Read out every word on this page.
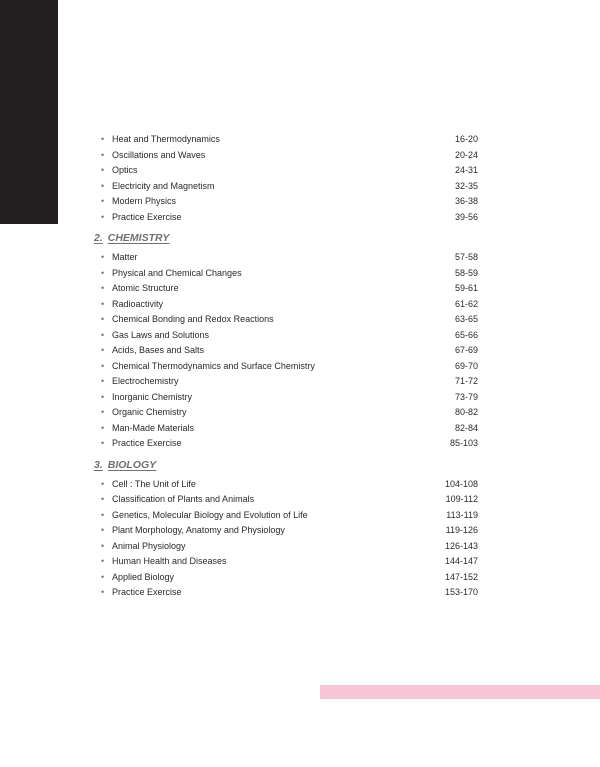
• Heat and Thermodynamics	16-20
• Oscillations and Waves	20-24
• Optics	24-31
• Electricity and Magnetism	32-35
• Modern Physics	36-38
• Practice Exercise	39-56
2. CHEMISTRY
• Matter	57-58
• Physical and Chemical Changes	58-59
• Atomic Structure	59-61
• Radioactivity	61-62
• Chemical Bonding and Redox Reactions	63-65
• Gas Laws and Solutions	65-66
• Acids, Bases and Salts	67-69
• Chemical Thermodynamics and Surface Chemistry	69-70
• Electrochemistry	71-72
• Inorganic Chemistry	73-79
• Organic Chemistry	80-82
• Man-Made Materials	82-84
• Practice Exercise	85-103
3. BIOLOGY
• Cell : The Unit of Life	104-108
• Classification of Plants and Animals	109-112
• Genetics, Molecular Biology and Evolution of Life	113-119
• Plant Morphology, Anatomy and Physiology	119-126
• Animal Physiology	126-143
• Human Health and Diseases	144-147
• Applied Biology	147-152
• Practice Exercise	153-170
